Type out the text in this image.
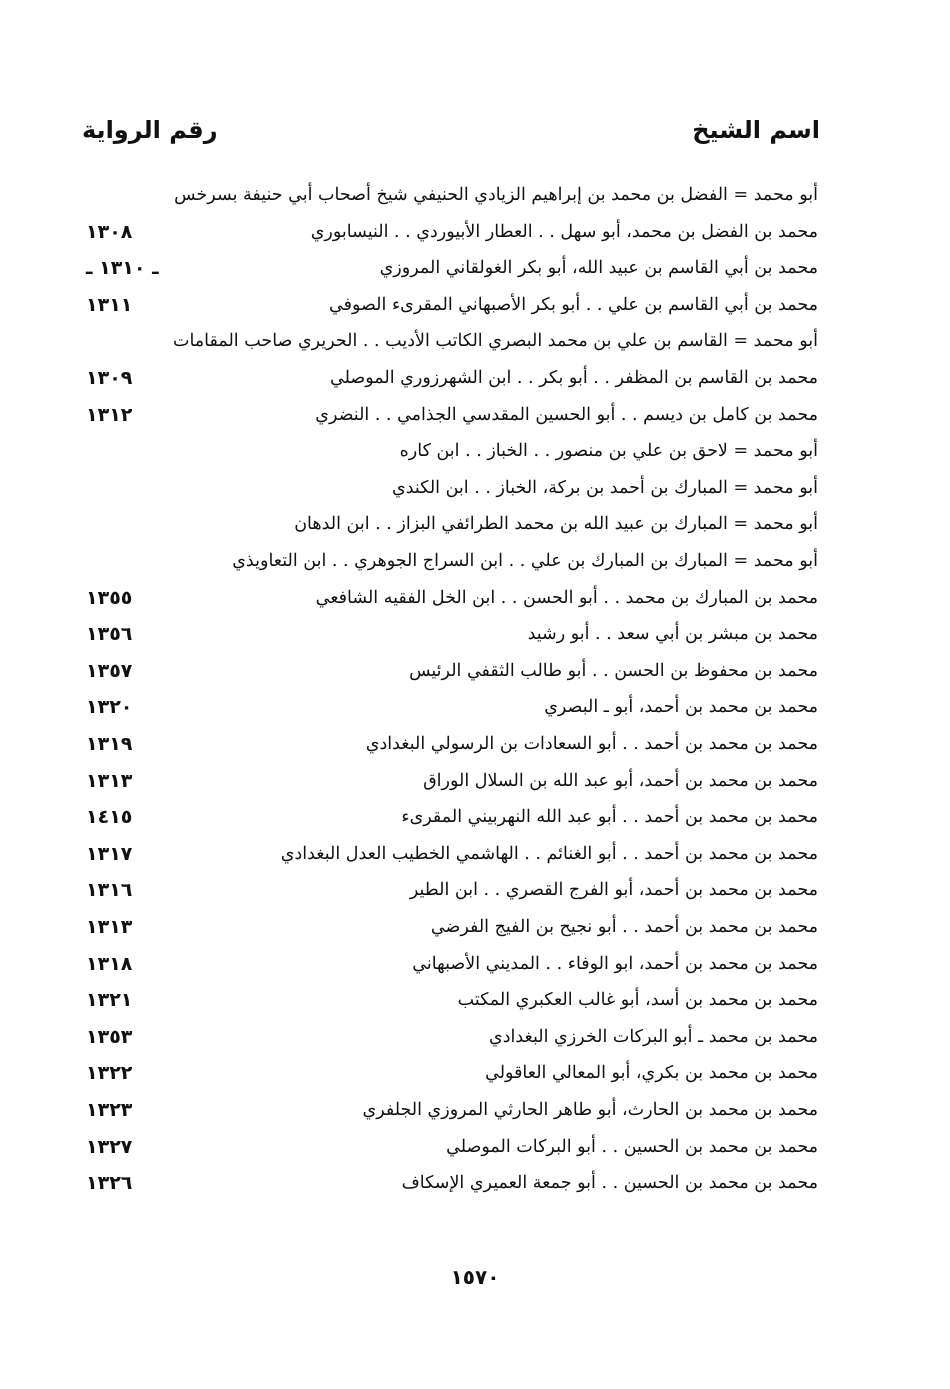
اسم الشيخ
رقم الرواية
أبو محمد = الفضل بن محمد بن إبراهيم الزيادي الحنيفي شيخ أصحاب أبي حنيفة بسرخس
محمد بن الفضل بن محمد، أبو سهل . . العطار الأبيوردي . . النيسابوري
١٣٠٨
محمد بن أبي القاسم بن عبيد الله، أبو بكر الغولقاني المروزي
ـ ١٣١٠ ـ
محمد بن أبي القاسم بن علي . . أبو بكر الأصبهاني المقرىء الصوفي
١٣١١
أبو محمد = القاسم بن علي بن محمد البصري الكاتب الأديب . . الحريري صاحب المقامات
محمد بن القاسم بن المظفر . . أبو بكر . . ابن الشهرزوري الموصلي
١٣٠٩
محمد بن كامل بن ديسم . . أبو الحسين المقدسي الجذامي . . النضري
١٣١٢
أبو محمد = لاحق بن علي بن منصور . . الخباز . . ابن كاره
أبو محمد = المبارك بن أحمد بن بركة، الخباز . . ابن الكندي
أبو محمد = المبارك بن عبيد الله بن محمد الطرائفي البزاز . . ابن الدهان
أبو محمد = المبارك بن المبارك بن علي . . ابن السراج الجوهري . . ابن التعاويذي
محمد بن المبارك بن محمد . . أبو الحسن . . ابن الخل الفقيه الشافعي
١٣٥٥
محمد بن مبشر بن أبي سعد . . أبو رشيد
١٣٥٦
محمد بن محفوظ بن الحسن . . أبو طالب الثقفي الرئيس
١٣٥٧
محمد بن محمد بن أحمد، أبو ـ البصري
١٣٢٠
محمد بن محمد بن أحمد . . أبو السعادات بن الرسولي البغدادي
١٣١٩
محمد بن محمد بن أحمد، أبو عبد الله بن السلال الوراق
١٣١٣
محمد بن محمد بن أحمد . . أبو عبد الله النهربيني المقرىء
١٤١٥
محمد بن محمد بن أحمد . . أبو الغنائم . . الهاشمي الخطيب العدل البغدادي
١٣١٧
محمد بن محمد بن أحمد، أبو الفرج القصري . . ابن الطير
١٣١٦
محمد بن محمد بن أحمد . . أبو نجيح بن الفيج الفرضي
١٣١٣
محمد بن محمد بن أحمد، ابو الوفاء . . المديني الأصبهاني
١٣١٨
محمد بن محمد بن أسد، أبو غالب العكبري المكتب
١٣٢١
محمد بن محمد ـ أبو البركات الخرزي البغدادي
١٣٥٣
محمد بن محمد بن بكري، أبو المعالي العاقولي
١٣٢٢
محمد بن محمد بن الحارث، أبو طاهر الحارثي المروزي الجلفري
١٣٢٣
محمد بن محمد بن الحسين . . أبو البركات الموصلي
١٣٢٧
محمد بن محمد بن الحسين . . أبو جمعة العميري الإسكاف
١٣٢٦
١٥٧٠
